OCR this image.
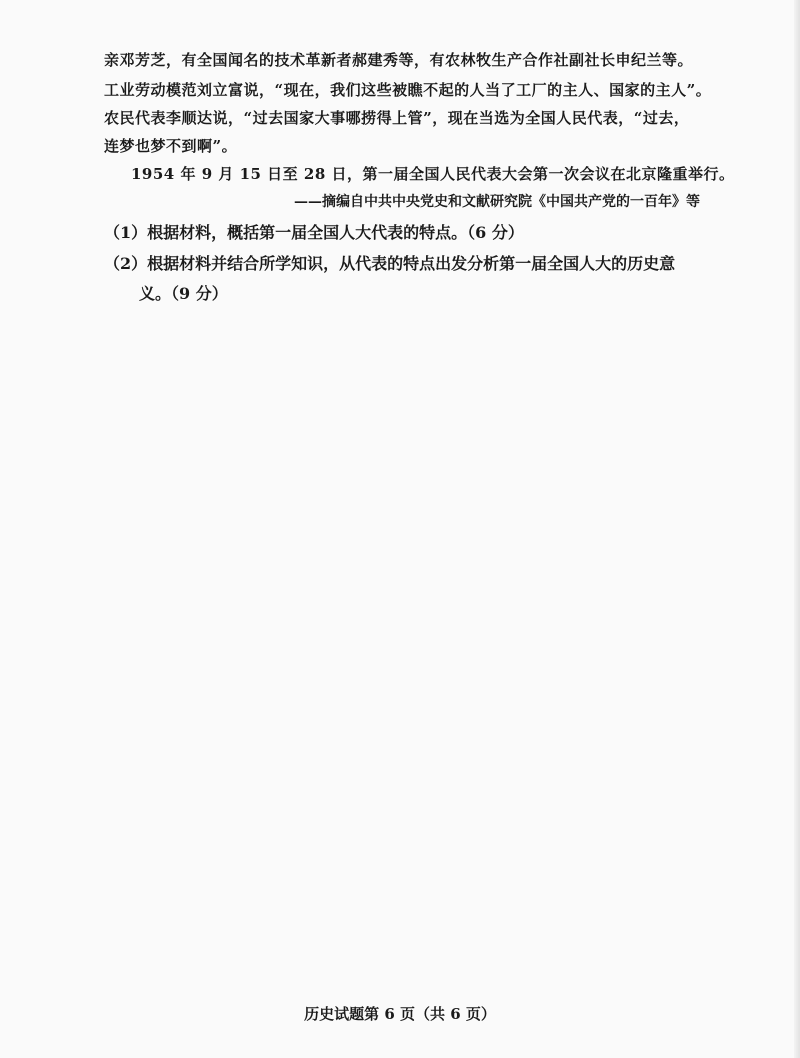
亲邓芳芝，有全国闻名的技术革新者郝建秀等，有农林牧生产合作社副社长申纪兰等。
工业劳动模范刘立富说，“现在，我们这些被瞧不起的人当了工厂的主人、国家的主人”。
农民代表李顺达说，“过去国家大事哪捞得上管”，现在当选为全国人民代表，“过去，
连梦也梦不到啊”。
1954 年 9 月 15 日至 28 日，第一届全国人民代表大会第一次会议在北京隆重举行。
——摘编自中共中央党史和文献研究院《中国共产党的一百年》等
（1）根据材料，概括第一届全国人大代表的特点。（6 分）
（2）根据材料并结合所学知识，从代表的特点出发分析第一届全国人大的历史意
义。（9 分）
历史试题第 6 页（共 6 页）
